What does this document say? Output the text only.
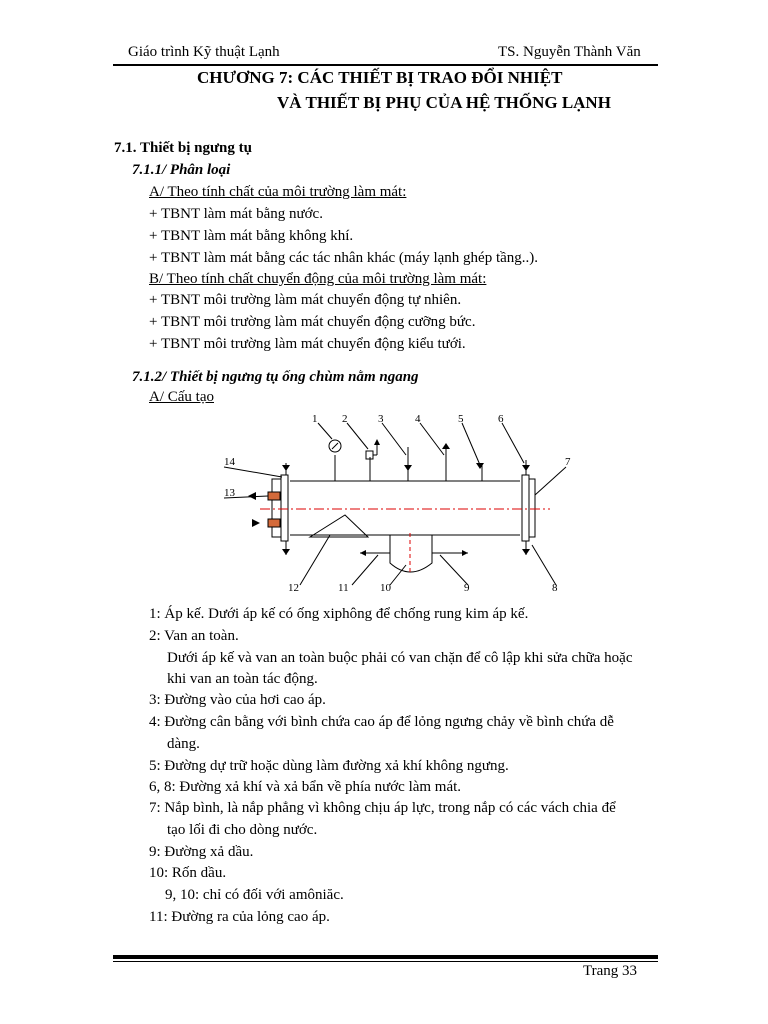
Giáo trình Kỹ thuật Lạnh	TS. Nguyễn Thành Văn
CHƯƠNG 7: CÁC THIẾT BỊ TRAO ĐỔI NHIỆT
VÀ THIẾT BỊ PHỤ CỦA HỆ THỐNG LẠNH
7.1. Thiết bị ngưng tụ
7.1.1/ Phân loại
A/ Theo tính chất của môi trường làm mát:
+ TBNT làm mát bằng nước.
+ TBNT làm mát bằng không khí.
+ TBNT làm mát bằng các tác nhân khác (máy lạnh ghép tầng..).
B/ Theo tính chất chuyển động của môi trường làm mát:
+ TBNT môi trường làm mát chuyển động tự nhiên.
+ TBNT môi trường làm mát chuyển động cưỡng bức.
+ TBNT môi trường làm mát chuyển động kiểu tưới.
7.1.2/ Thiết bị ngưng tụ ống chùm nằm ngang
A/ Cấu tạo
1 2	3	4	5	6
7
8
9
10
11
12
13
14
1: Áp kế. Dưới áp kế có ống xiphông để chống rung kim áp kế.
2: Van an toàn.
Dưới áp kế và van an toàn buộc phải có van chặn để cô lập khi sửa chữa hoặc
khi van an toàn tác động.
3: Đường vào của hơi cao áp.
4: Đường cân bằng với bình chứa cao áp để lỏng ngưng chảy về bình chứa dễ
dàng.
5: Đường dự trữ hoặc dùng làm đường xả khí không ngưng.
6, 8: Đường xả khí và xả bẩn về phía nước làm mát.
7: Nắp bình, là nắp phẳng vì không chịu áp lực, trong nắp có các vách chia để
tạo lối đi cho dòng nước.
9: Đường xả dầu.
10: Rốn dầu.
9, 10: chỉ có đối với amôniăc.
11: Đường ra của lỏng cao áp.
Trang 33
